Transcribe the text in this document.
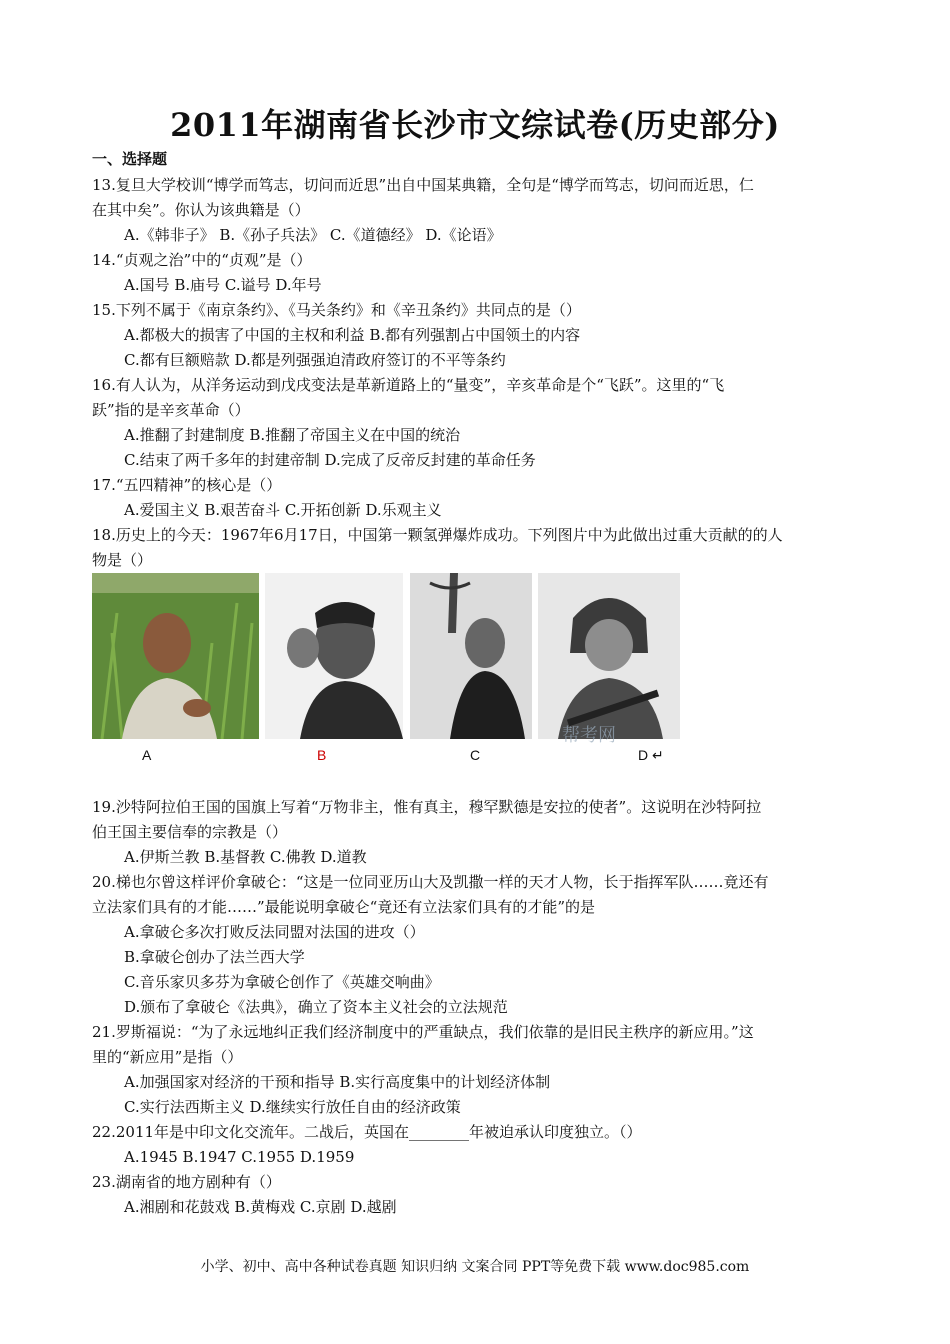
2011年湖南省长沙市文综试卷(历史部分)
一、选择题
13.复旦大学校训“博学而笃志，切问而近思”出自中国某典籍，全句是“博学而笃志，切问而近思，仁
在其中矣”。你认为该典籍是（）
A.《韩非子》 B.《孙子兵法》 C.《道德经》 D.《论语》
14.“贞观之治”中的“贞观”是（）
A.国号 B.庙号 C.谥号 D.年号
15.下列不属于《南京条约》、《马关条约》和《辛丑条约》共同点的是（）
A.都极大的损害了中国的主权和利益 B.都有列强割占中国领土的内容
C.都有巨额赔款 D.都是列强强迫清政府签订的不平等条约
16.有人认为，从洋务运动到戊戌变法是革新道路上的“量变”，辛亥革命是个“飞跃”。这里的“飞
跃”指的是辛亥革命（）
A.推翻了封建制度 B.推翻了帝国主义在中国的统治
C.结束了两千多年的封建帝制 D.完成了反帝反封建的革命任务
17.“五四精神”的核心是（）
A.爱国主义 B.艰苦奋斗 C.开拓创新 D.乐观主义
18.历史上的今天：1967年6月17日，中国第一颗氢弹爆炸成功。下列图片中为此做出过重大贡献的的人
物是（）
A	B	C	D ↵
帮考网
19.沙特阿拉伯王国的国旗上写着“万物非主，惟有真主，穆罕默德是安拉的使者”。这说明在沙特阿拉
伯王国主要信奉的宗教是（）
A.伊斯兰教 B.基督教 C.佛教 D.道教
20.梯也尔曾这样评价拿破仑：“这是一位同亚历山大及凯撒一样的天才人物，长于指挥军队……竟还有
立法家们具有的才能……”最能说明拿破仑“竟还有立法家们具有的才能”的是
A.拿破仑多次打败反法同盟对法国的进攻（）
B.拿破仑创办了法兰西大学
C.音乐家贝多芬为拿破仑创作了《英雄交响曲》
D.颁布了拿破仑《法典》，确立了资本主义社会的立法规范
21.罗斯福说：“为了永远地纠正我们经济制度中的严重缺点，我们依靠的是旧民主秩序的新应用。”这
里的“新应用”是指（）
A.加强国家对经济的干预和指导 B.实行高度集中的计划经济体制
C.实行法西斯主义 D.继续实行放任自由的经济政策
22.2011年是中印文化交流年。二战后，英国在________年被迫承认印度独立。（）
A.1945 B.1947 C.1955 D.1959
23.湖南省的地方剧种有（）
A.湘剧和花鼓戏 B.黄梅戏 C.京剧 D.越剧
小学、初中、高中各种试卷真题 知识归纳 文案合同 PPT等免费下载 www.doc985.com
